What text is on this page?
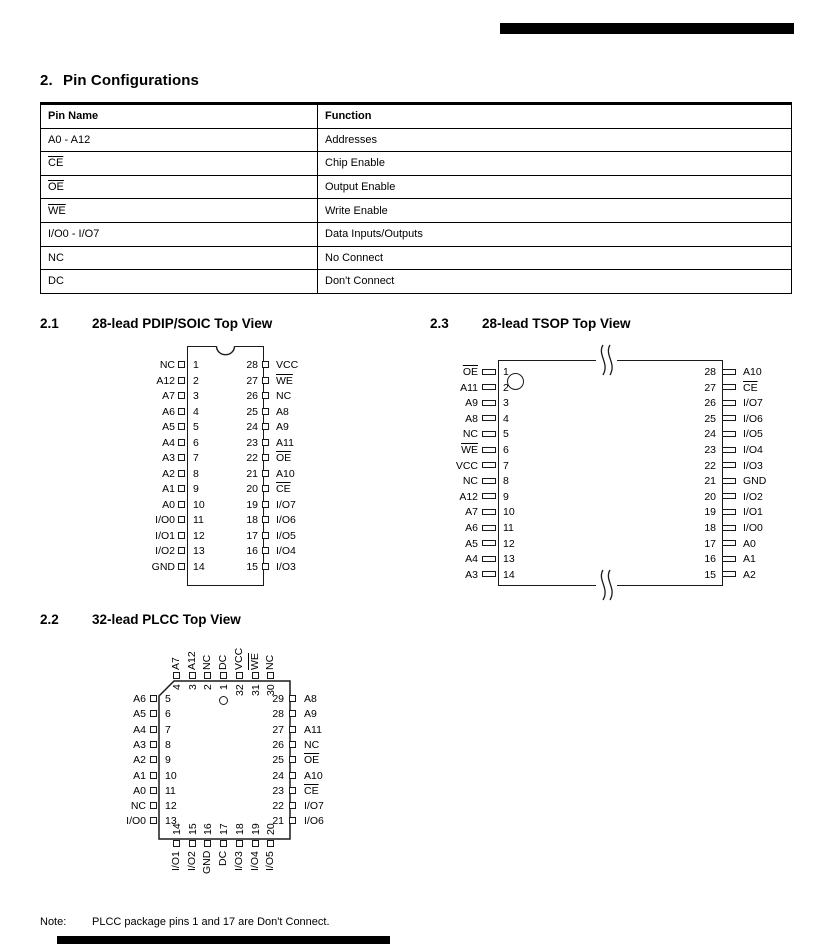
2. Pin Configurations
Pin Name	Function
A0 - A12	Addresses
$\overline{CE}$	Chip Enable
$\overline{OE}$	Output Enable
$\overline{WE}$	Write Enable
I/O0 - I/O7	Data Inputs/Outputs
NC	No Connect
DC	Don't Connect
2.1 28-lead PDIP/SOIC Top View	2.3 28-lead TSOP Top View
2.2 32-lead PLCC Top View
Note: PLCC package pins 1 and 17 are Don't Connect.
NC 1
A12 2
A7 3
A6 4
A5 5
A4 6
A3 7
A2 8
A1 9
A0 10
I/O0 11
I/O1 12
I/O2 13
GND 14
28 VCC
27 $\overline{WE}$
26 NC
25 A8
24 A9
23 A11
22 $\overline{OE}$
21 A10
20 $\overline{CE}$
19 I/O7
18 I/O6
17 I/O5
16 I/O4
15 I/O3
$\overline{OE}$ 1
A11 2
A9 3
A8 4
NC 5
$\overline{WE}$ 6
VCC 7
NC 8
A12 9
A7 10
A6 11
A5 12
A4 13
A3 14
28	A10
27	$\overline{CE}$
26	I/O7
25	I/O6
24	I/O5
23	I/O4
22	I/O3
21	GND
20	I/O2
19	I/O1
18	I/O0
17	A0
16	A1
15	A2
4
A7
3
A12
2
NC
1
DC
32
VCC
31
WE
30
NC
14
I/O1
15
I/O2
16
GND
17
DC
18
I/O3
19
I/O4
20
I/O5
A6 5
A5 6
A4 7
A3 8
A2 9
A1 10
A0 11
NC 12
I/O0 13
29 A8
28 A9
27 A11
26 NC
25 $\overline{OE}$
24 A10
23 $\overline{CE}$
22 I/O7
21 I/O6
